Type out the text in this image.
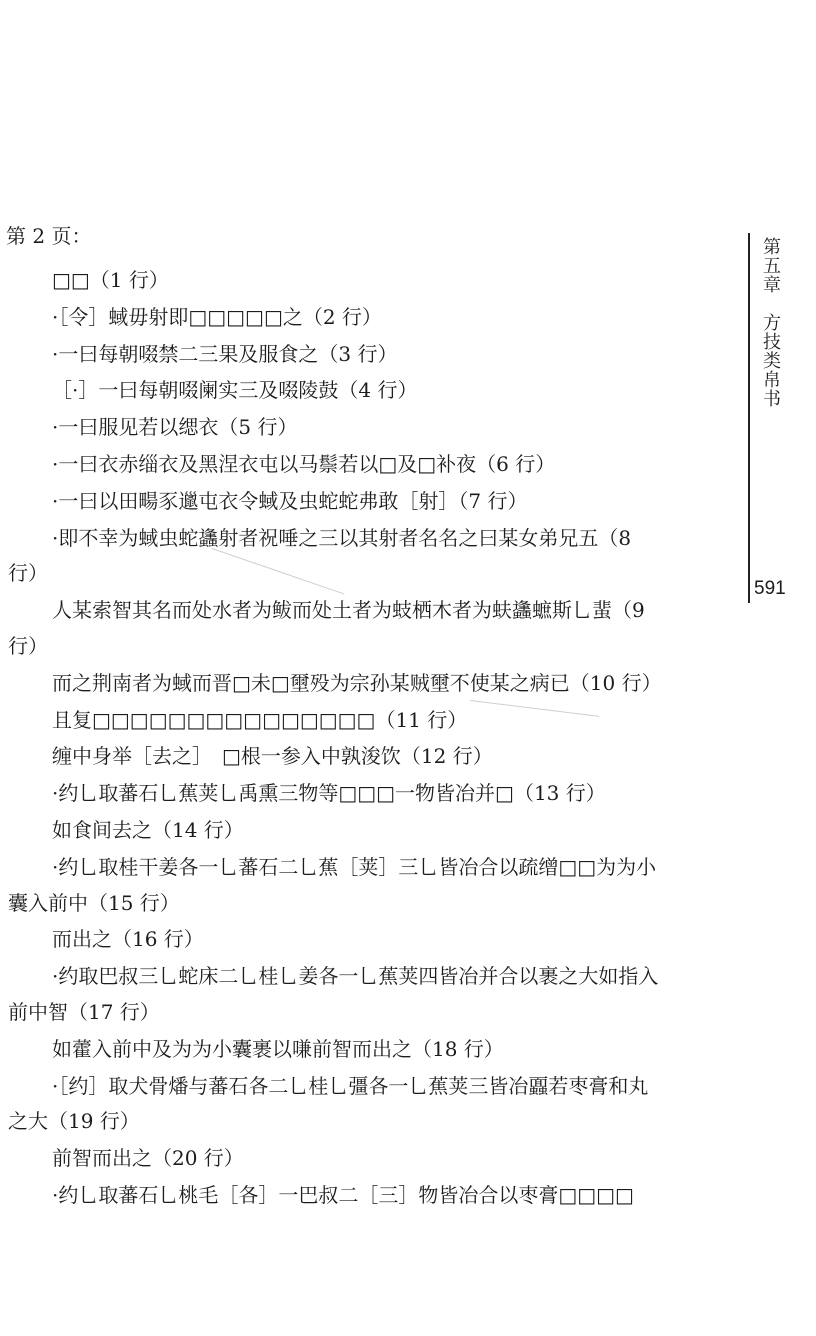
第 2 页：

□□（1 行）

·［令］蜮毋射即□□□□□之（2 行）

·一曰每朝啜禁二三果及服食之（3 行）

［·］一曰每朝啜阑实三及啜陵鼓（4 行）

·一曰服见若以缌衣（5 行）

·一曰衣赤缁衣及黑涅衣屯以马鬃若以□及□补夜（6 行）

·一曰以田畼豕邋屯衣令蜮及虫蛇蛇弗敢［射］（7 行）

·即不幸为蜮虫蛇蠭射者祝唾之三以其射者名名之曰某女弟兄五（8

行）

人某索智其名而处水者为鲅而处土者为蚑栖木者为蚨蠭蟅斯乚蜚（9

行）

而之荆南者为蜮而晋□未□壐殁为宗孙某贼壐不使某之病已（10 行）

且复□□□□□□□□□□□□□□□（11 行）

缠中身举［去之］　□根一参入中孰浚饮（12 行）

·约乚取蕃石乚蕉荚乚禹熏三物等□□□一物皆冶并□（13 行）

如食间去之（14 行）

·约乚取桂干姜各一乚蕃石二乚蕉［荚］三乚皆冶合以疏缯□□为为小

囊入前中（15 行）

而出之（16 行）

·约取巴叔三乚蛇床二乚桂乚姜各一乚蕉荚四皆冶并合以裹之大如指入

前中智（17 行）

如藿入前中及为为小囊裹以嗛前智而出之（18 行）

·［约］取犬骨燔与蕃石各二乚桂乚彊各一乚蕉荚三皆冶蠠若枣膏和丸

之大（19 行）

前智而出之（20 行）

·约乚取蕃石乚桃毛［各］一巴叔二［三］物皆冶合以枣膏□□□□

第五章　方技类帛书
591
